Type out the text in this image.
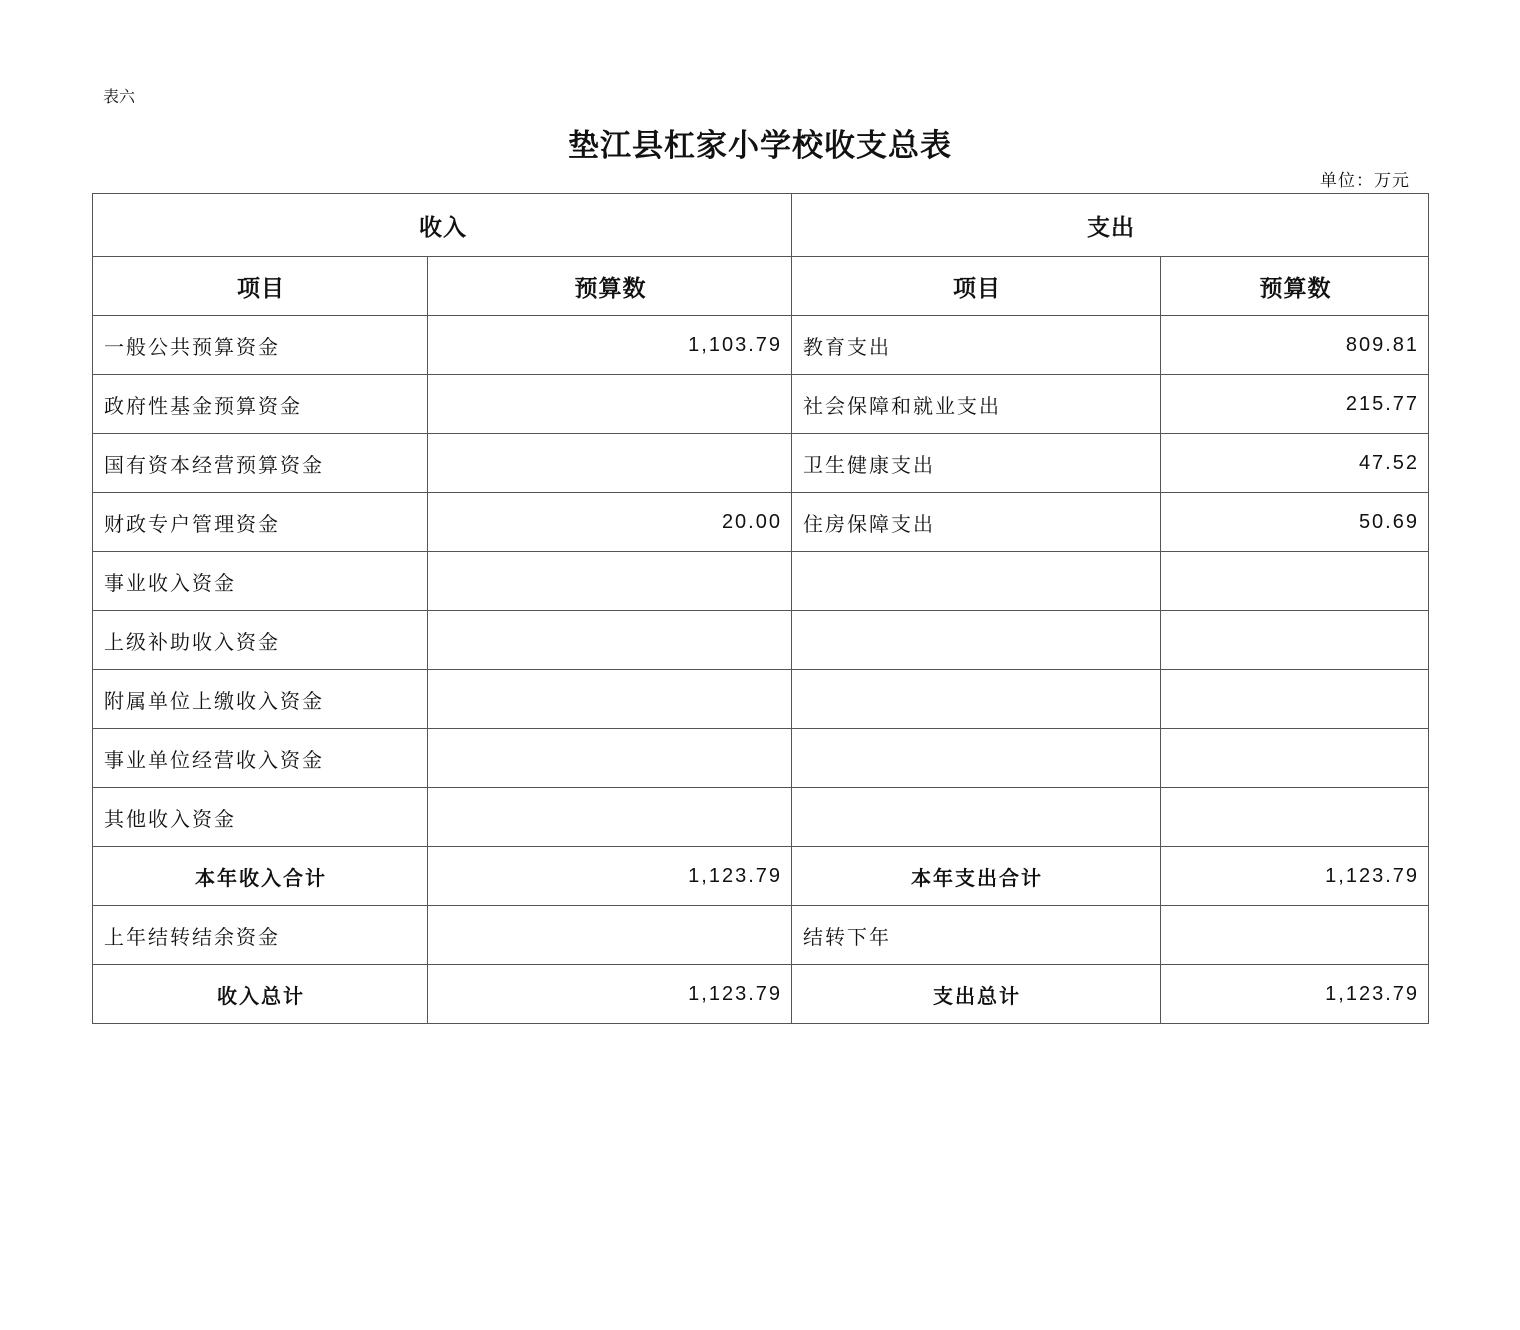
表六
垫江县杠家小学校收支总表
单位：万元
收入		支出	
项目	预算数	项目	预算数
一般公共预算资金	1,103.79	教育支出	809.81
政府性基金预算资金		社会保障和就业支出	215.77
国有资本经营预算资金		卫生健康支出	47.52
财政专户管理资金	20.00	住房保障支出	50.69
事业收入资金			
上级补助收入资金			
附属单位上缴收入资金			
事业单位经营收入资金			
其他收入资金			
本年收入合计	1,123.79	本年支出合计	1,123.79
上年结转结余资金		结转下年	
收入总计	1,123.79	支出总计	1,123.79
